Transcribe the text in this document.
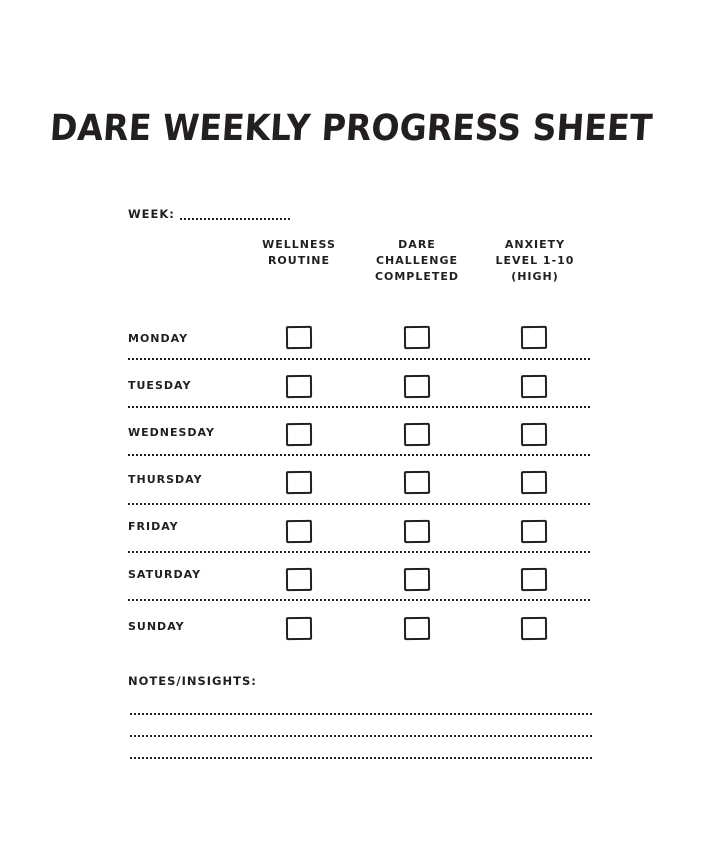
DARE WEEKLY PROGRESS SHEET
WEEK:
WELLNESS
ROUTINE
DARE
CHALLENGE
COMPLETED
ANXIETY
LEVEL 1-10
(HIGH)
MONDAY
TUESDAY
WEDNESDAY
THURSDAY
FRIDAY
SATURDAY
SUNDAY
NOTES/INSIGHTS:
